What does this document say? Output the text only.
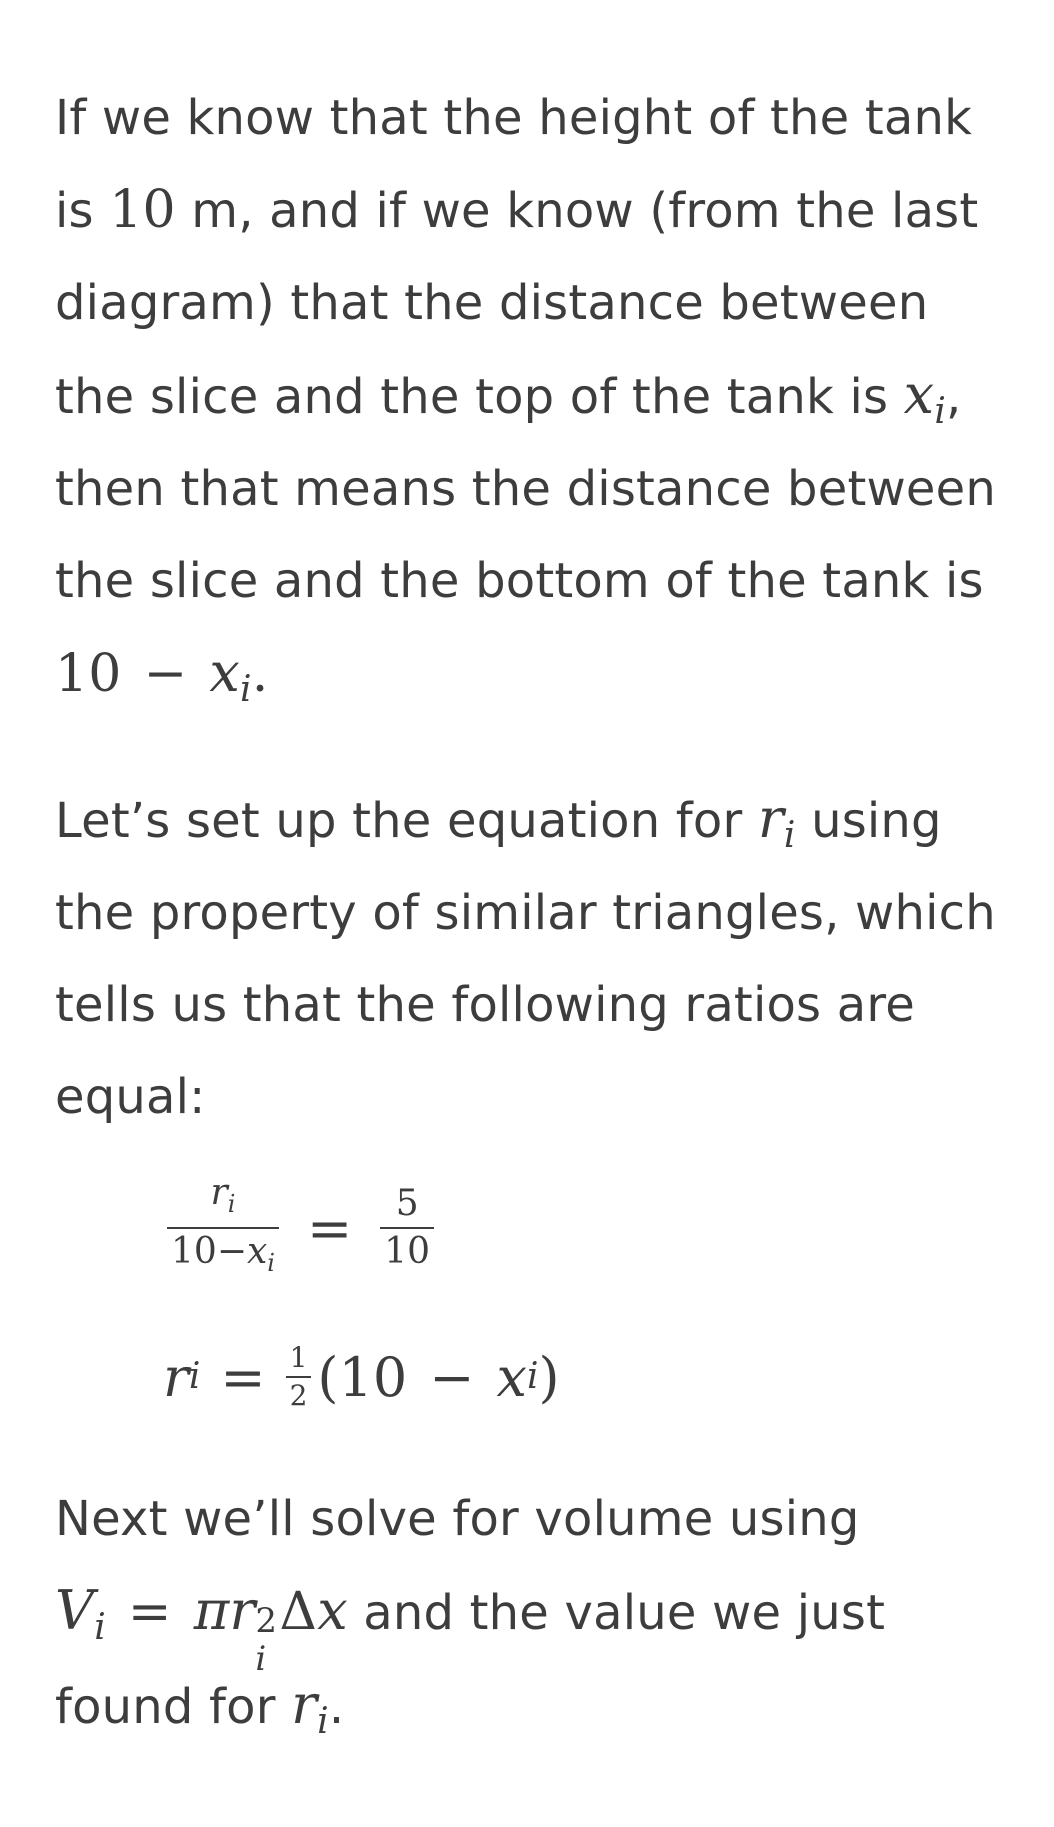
If we know that the height of the tank is 10 m, and if we know (from the last diagram) that the distance between the slice and the top of the tank is $x_i$, then that means the distance between the slice and the bottom of the tank is $10 - x_i$.

Let’s set up the equation for $r_i$ using the property of similar triangles, which tells us that the following ratios are equal:

$\frac{r_i}{10-x_i} = \frac{5}{10}$
r $i = \frac{1}{2}$ ( 10 − x i )

Next we’ll solve for volume using $V_i = \pi r$ 2
i
Δx and the value we just found for $r_i$.
